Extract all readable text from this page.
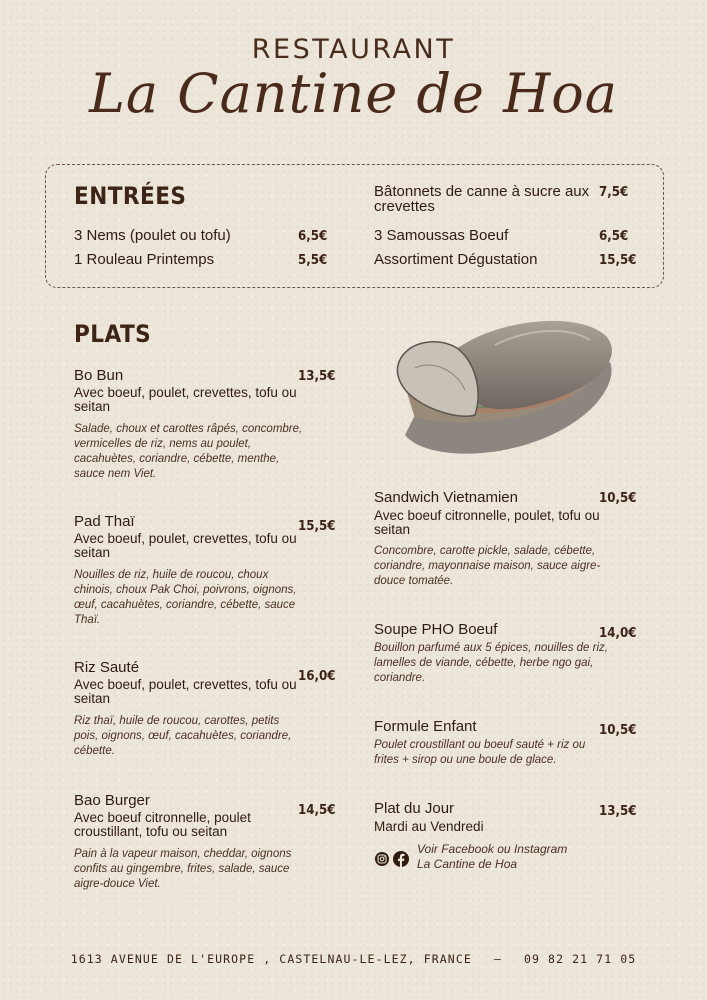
RESTAURANT
La Cantine de Hoa
ENTRÉES
3 Nems (poulet ou tofu)	6,5€
1 Rouleau Printemps	5,5€
Bâtonnets de canne à sucre aux crevettes
7,5€
3 Samoussas Boeuf	6,5€
Assortiment Dégustation	15,5€
PLATS
Bo Bun	13,5€
Avec boeuf, poulet, crevettes, tofu ou seitan
Salade, choux et carottes râpés, concombre, vermicelles de riz, nems au poulet, cacahuètes, coriandre, cébette, menthe, sauce nem Viet.
Pad Thaï	15,5€
Avec boeuf, poulet, crevettes, tofu ou seitan
Nouilles de riz, huile de roucou, choux chinois, choux Pak Choi, poivrons, oignons, œuf, cacahuètes, coriandre, cébette, sauce Thaï.
Riz Sauté	16,0€
Avec boeuf, poulet, crevettes, tofu ou seitan
Riz thaï, huile de roucou, carottes, petits pois, oignons, œuf, cacahuètes, coriandre, cébette.
Bao Burger
14,5€
Avec boeuf citronnelle, poulet croustillant, tofu ou seitan
Pain à la vapeur maison, cheddar, oignons confits au gingembre, frites, salade, sauce aigre-douce Viet.
Sandwich Vietnamien	10,5€
Avec boeuf citronnelle, poulet, tofu ou seitan
Concombre, carotte pickle, salade, cébette, coriandre, mayonnaise maison, sauce aigre-douce tomatée.
Soupe PHO Boeuf	14,0€
Bouillon parfumé aux 5 épices, nouilles de riz, lamelles de viande, cébette, herbe ngo gai, coriandre.
Formule Enfant	10,5€
Poulet croustillant ou boeuf sauté + riz ou frites + sirop ou une boule de glace.
Plat du Jour	13,5€
Mardi au Vendredi
Voir Facebook ou Instagram
La Cantine de Hoa
1613 AVENUE DE L'EUROPE , CASTELNAU-LE-LEZ, FRANCE — 09 82 21 71 05
